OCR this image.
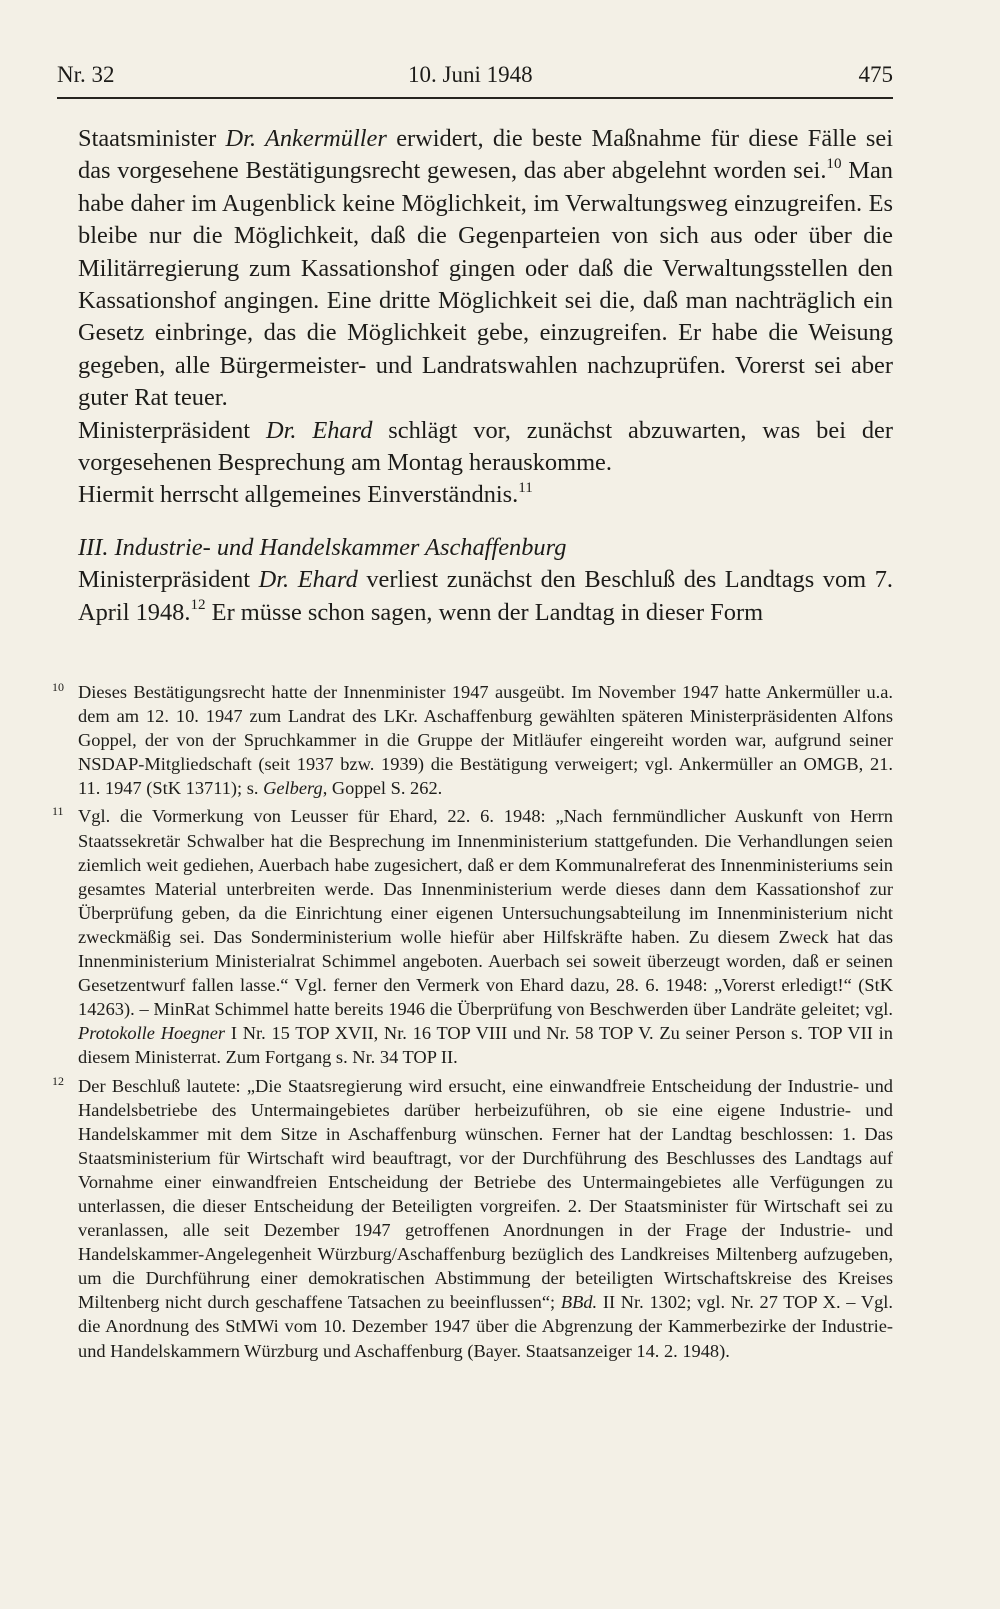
Nr. 32	10. Juni 1948	475

Staatsminister Dr. Ankermüller erwidert, die beste Maßnahme für diese Fälle sei das vorgesehene Bestätigungsrecht gewesen, das aber abgelehnt worden sei.$^{10}$ Man habe daher im Augenblick keine Möglichkeit, im Verwaltungsweg einzugreifen. Es bleibe nur die Möglichkeit, daß die Gegenparteien von sich aus oder über die Militärregierung zum Kassationshof gingen oder daß die Verwaltungsstellen den Kassationshof angingen. Eine dritte Möglichkeit sei die, daß man nachträglich ein Gesetz einbringe, das die Möglichkeit gebe, einzugreifen. Er habe die Weisung gegeben, alle Bürgermeister- und Landratswahlen nachzuprüfen. Vorerst sei aber guter Rat teuer.

Ministerpräsident Dr. Ehard schlägt vor, zunächst abzuwarten, was bei der vorgesehenen Besprechung am Montag herauskomme.

Hiermit herrscht allgemeines Einverständnis.$^{11}$

III. Industrie- und Handelskammer Aschaffenburg

Ministerpräsident Dr. Ehard verliest zunächst den Beschluß des Landtags vom 7. April 1948.12 Er müsse schon sagen, wenn der Landtag in dieser Form

10 Dieses Bestätigungsrecht hatte der Innenminister 1947 ausgeübt. Im November 1947 hatte Ankermüller u.a. dem am 12. 10. 1947 zum Landrat des LKr. Aschaffenburg gewählten späteren Ministerpräsidenten Alfons Goppel, der von der Spruchkammer in die Gruppe der Mitläufer eingereiht worden war, aufgrund seiner NSDAP-Mitgliedschaft (seit 1937 bzw. 1939) die Bestätigung verweigert; vgl. Ankermüller an OMGB, 21. 11. 1947 (StK 13711); s. Gelberg, Goppel S. 262.
11 Vgl. die Vormerkung von Leusser für Ehard, 22. 6. 1948: „Nach fernmündlicher Auskunft von Herrn Staatssekretär Schwalber hat die Besprechung im Innenministerium stattgefunden. Die Verhandlungen seien ziemlich weit gediehen, Auerbach habe zugesichert, daß er dem Kommunalreferat des Innenministeriums sein gesamtes Material unterbreiten werde. Das Innenministerium werde dieses dann dem Kassationshof zur Überprüfung geben, da die Einrichtung einer eigenen Untersuchungsabteilung im Innenministerium nicht zweckmäßig sei. Das Sonderministerium wolle hiefür aber Hilfskräfte haben. Zu diesem Zweck hat das Innenministerium Ministerialrat Schimmel angeboten. Auerbach sei soweit überzeugt worden, daß er seinen Gesetzentwurf fallen lasse.“ Vgl. ferner den Vermerk von Ehard dazu, 28. 6. 1948: „Vorerst erledigt!“ (StK 14263). – MinRat Schimmel hatte bereits 1946 die Überprüfung von Beschwerden über Landräte geleitet; vgl. Protokolle Hoegner I Nr. 15 TOP XVII, Nr. 16 TOP VIII und Nr. 58 TOP V. Zu seiner Person s. TOP VII in diesem Ministerrat. Zum Fortgang s. Nr. 34 TOP II.
12 Der Beschluß lautete: „Die Staatsregierung wird ersucht, eine einwandfreie Entscheidung der Industrie- und Handelsbetriebe des Untermaingebietes darüber herbeizuführen, ob sie eine eigene Industrie- und Handelskammer mit dem Sitze in Aschaffenburg wünschen. Ferner hat der Landtag beschlossen: 1. Das Staatsministerium für Wirtschaft wird beauftragt, vor der Durchführung des Beschlusses des Landtags auf Vornahme einer einwandfreien Entscheidung der Betriebe des Untermaingebietes alle Verfügungen zu unterlassen, die dieser Entscheidung der Beteiligten vorgreifen. 2. Der Staatsminister für Wirtschaft sei zu veranlassen, alle seit Dezember 1947 getroffenen Anordnungen in der Frage der Industrie- und Handelskammer-Angelegenheit Würzburg/Aschaffenburg bezüglich des Landkreises Miltenberg aufzugeben, um die Durchführung einer demokratischen Abstimmung der beteiligten Wirtschaftskreise des Kreises Miltenberg nicht durch geschaffene Tatsachen zu beeinflussen“; BBd. II Nr. 1302; vgl. Nr. 27 TOP X. – Vgl. die Anordnung des StMWi vom 10. Dezember 1947 über die Abgrenzung der Kammerbezirke der Industrie- und Handelskammern Würzburg und Aschaffenburg (Bayer. Staatsanzeiger 14. 2. 1948).
